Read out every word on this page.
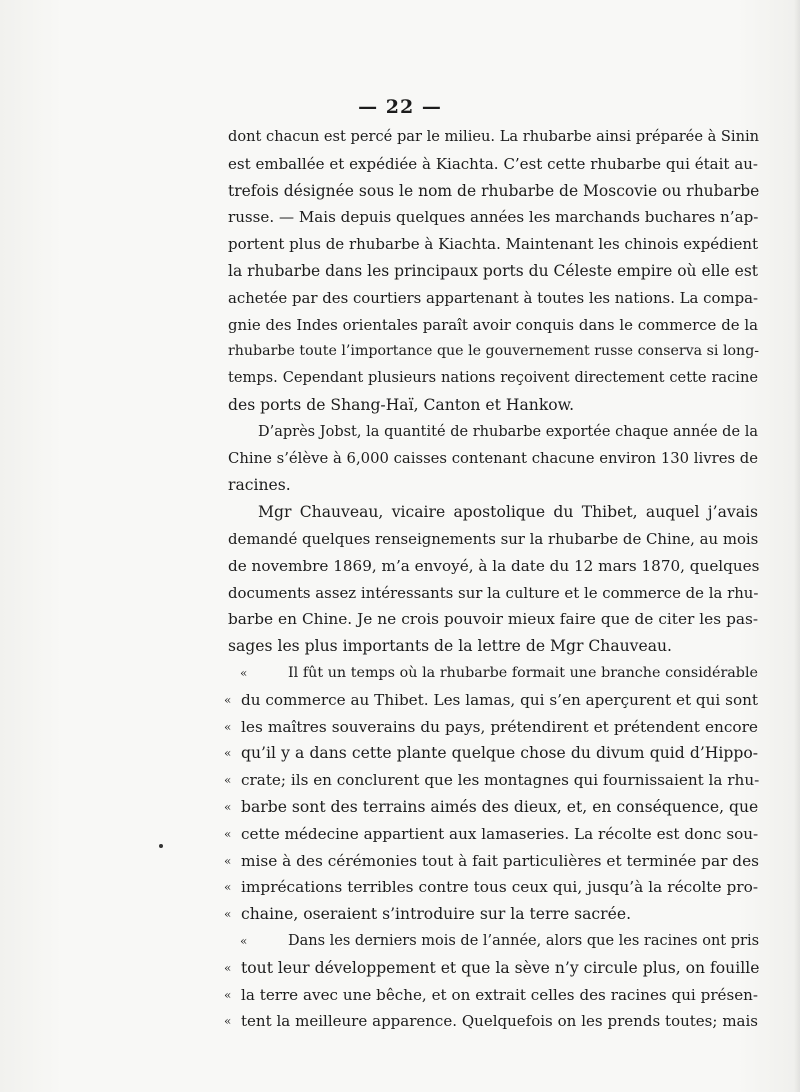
— 22 —
dont chacun est percé par le milieu. La rhubarbe ainsi préparée à Sinin
est emballée et expédiée à Kiachta. C’est cette rhubarbe qui était au-
trefois désignée sous le nom de rhubarbe de Moscovie ou rhubarbe
russe. — Mais depuis quelques années les marchands buchares n’ap-
portent plus de rhubarbe à Kiachta. Maintenant les chinois expédient
la rhubarbe dans les principaux ports du Céleste empire où elle est
achetée par des courtiers appartenant à toutes les nations. La compa-
gnie des Indes orientales paraît avoir conquis dans le commerce de la
rhubarbe toute l’importance que le gouvernement russe conserva si long-
temps. Cependant plusieurs nations reçoivent directement cette racine
des ports de Shang-Haï, Canton et Hankow.
D’après Jobst, la quantité de rhubarbe exportée chaque année de la
Chine s’élève à 6,000 caisses contenant chacune environ 130 livres de
racines.
Mgr Chauveau, vicaire apostolique du Thibet, auquel j’avais
demandé quelques renseignements sur la rhubarbe de Chine, au mois
de novembre 1869, m’a envoyé, à la date du 12 mars 1870, quelques
documents assez intéressants sur la culture et le commerce de la rhu-
barbe en Chine. Je ne crois pouvoir mieux faire que de citer les pas-
sages les plus importants de la lettre de Mgr Chauveau.
«	Il fût un temps où la rhubarbe formait une branche considérable
« du commerce au Thibet. Les lamas, qui s’en aperçurent et qui sont
« les maîtres souverains du pays, prétendirent et prétendent encore
« qu’il y a dans cette plante quelque chose du divum quid d’Hippo-
« crate; ils en conclurent que les montagnes qui fournissaient la rhu-
« barbe sont des terrains aimés des dieux, et, en conséquence, que
« cette médecine appartient aux lamaseries. La récolte est donc sou-
« mise à des cérémonies tout à fait particulières et terminée par des
« imprécations terribles contre tous ceux qui, jusqu’à la récolte pro-
« chaine, oseraient s’introduire sur la terre sacrée.
«	Dans les derniers mois de l’année, alors que les racines ont pris
« tout leur développement et que la sève n’y circule plus, on fouille
« la terre avec une bêche, et on extrait celles des racines qui présen-
« tent la meilleure apparence. Quelquefois on les prends toutes; mais
